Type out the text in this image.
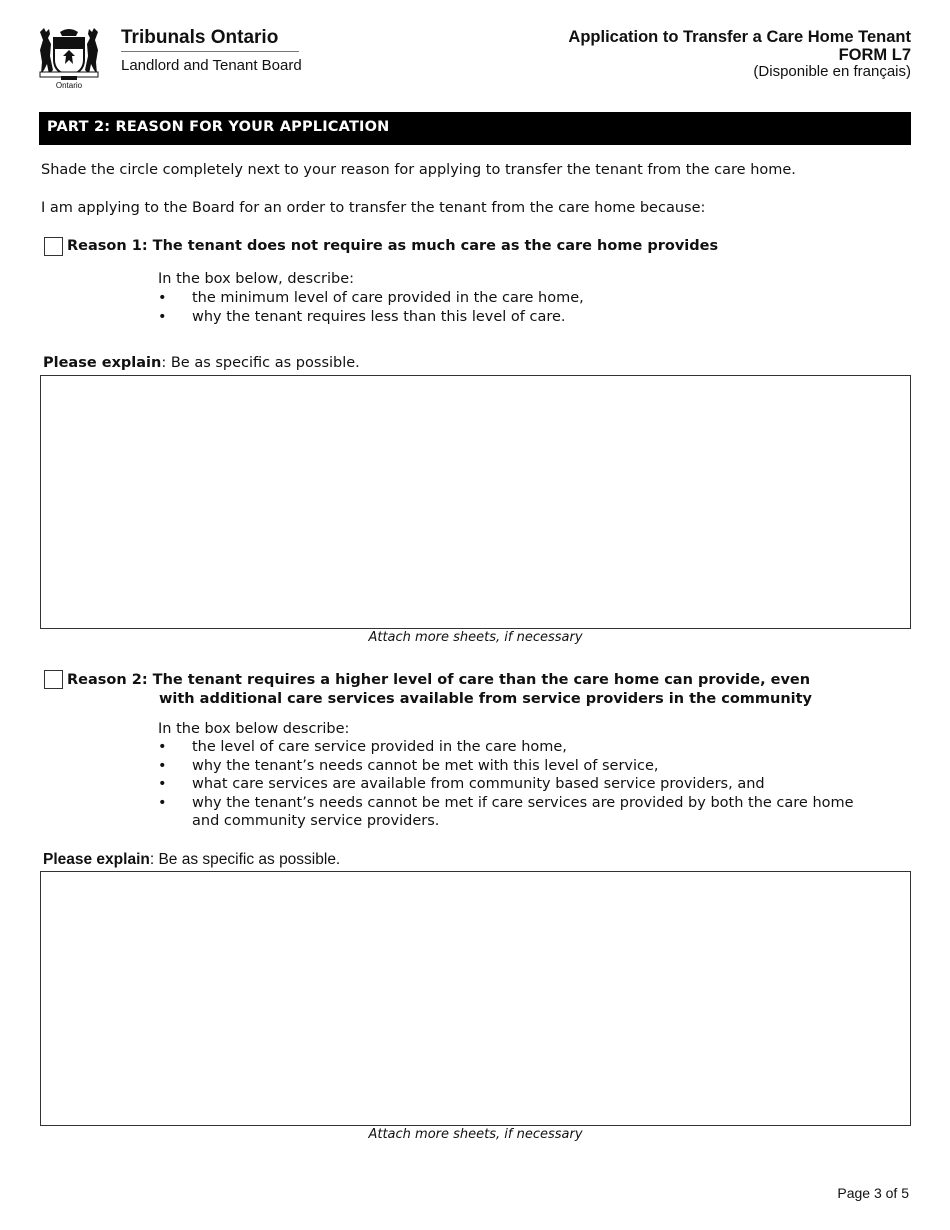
Ontario
Tribunals Ontario
Landlord and Tenant Board
Application to Transfer a Care Home Tenant
FORM L7
(Disponible en français)
PART 2: REASON FOR YOUR APPLICATION
Shade the circle completely next to your reason for applying to transfer the tenant from the care home.
I am applying to the Board for an order to transfer the tenant from the care home because:
Reason 1: The tenant does not require as much care as the care home provides
In the box below, describe:
• the minimum level of care provided in the care home,
• why the tenant requires less than this level of care.
Please explain: Be as specific as possible.
Attach more sheets, if necessary
Reason 2: The tenant requires a higher level of care than the care home can provide, even
with additional care services available from service providers in the community
In the box below describe:
• the level of care service provided in the care home,
• why the tenant’s needs cannot be met with this level of service,
• what care services are available from community based service providers, and
• why the tenant’s needs cannot be met if care services are provided by both the care home and community service providers.
Please explain: Be as specific as possible.
Attach more sheets, if necessary
Page 3 of 5
